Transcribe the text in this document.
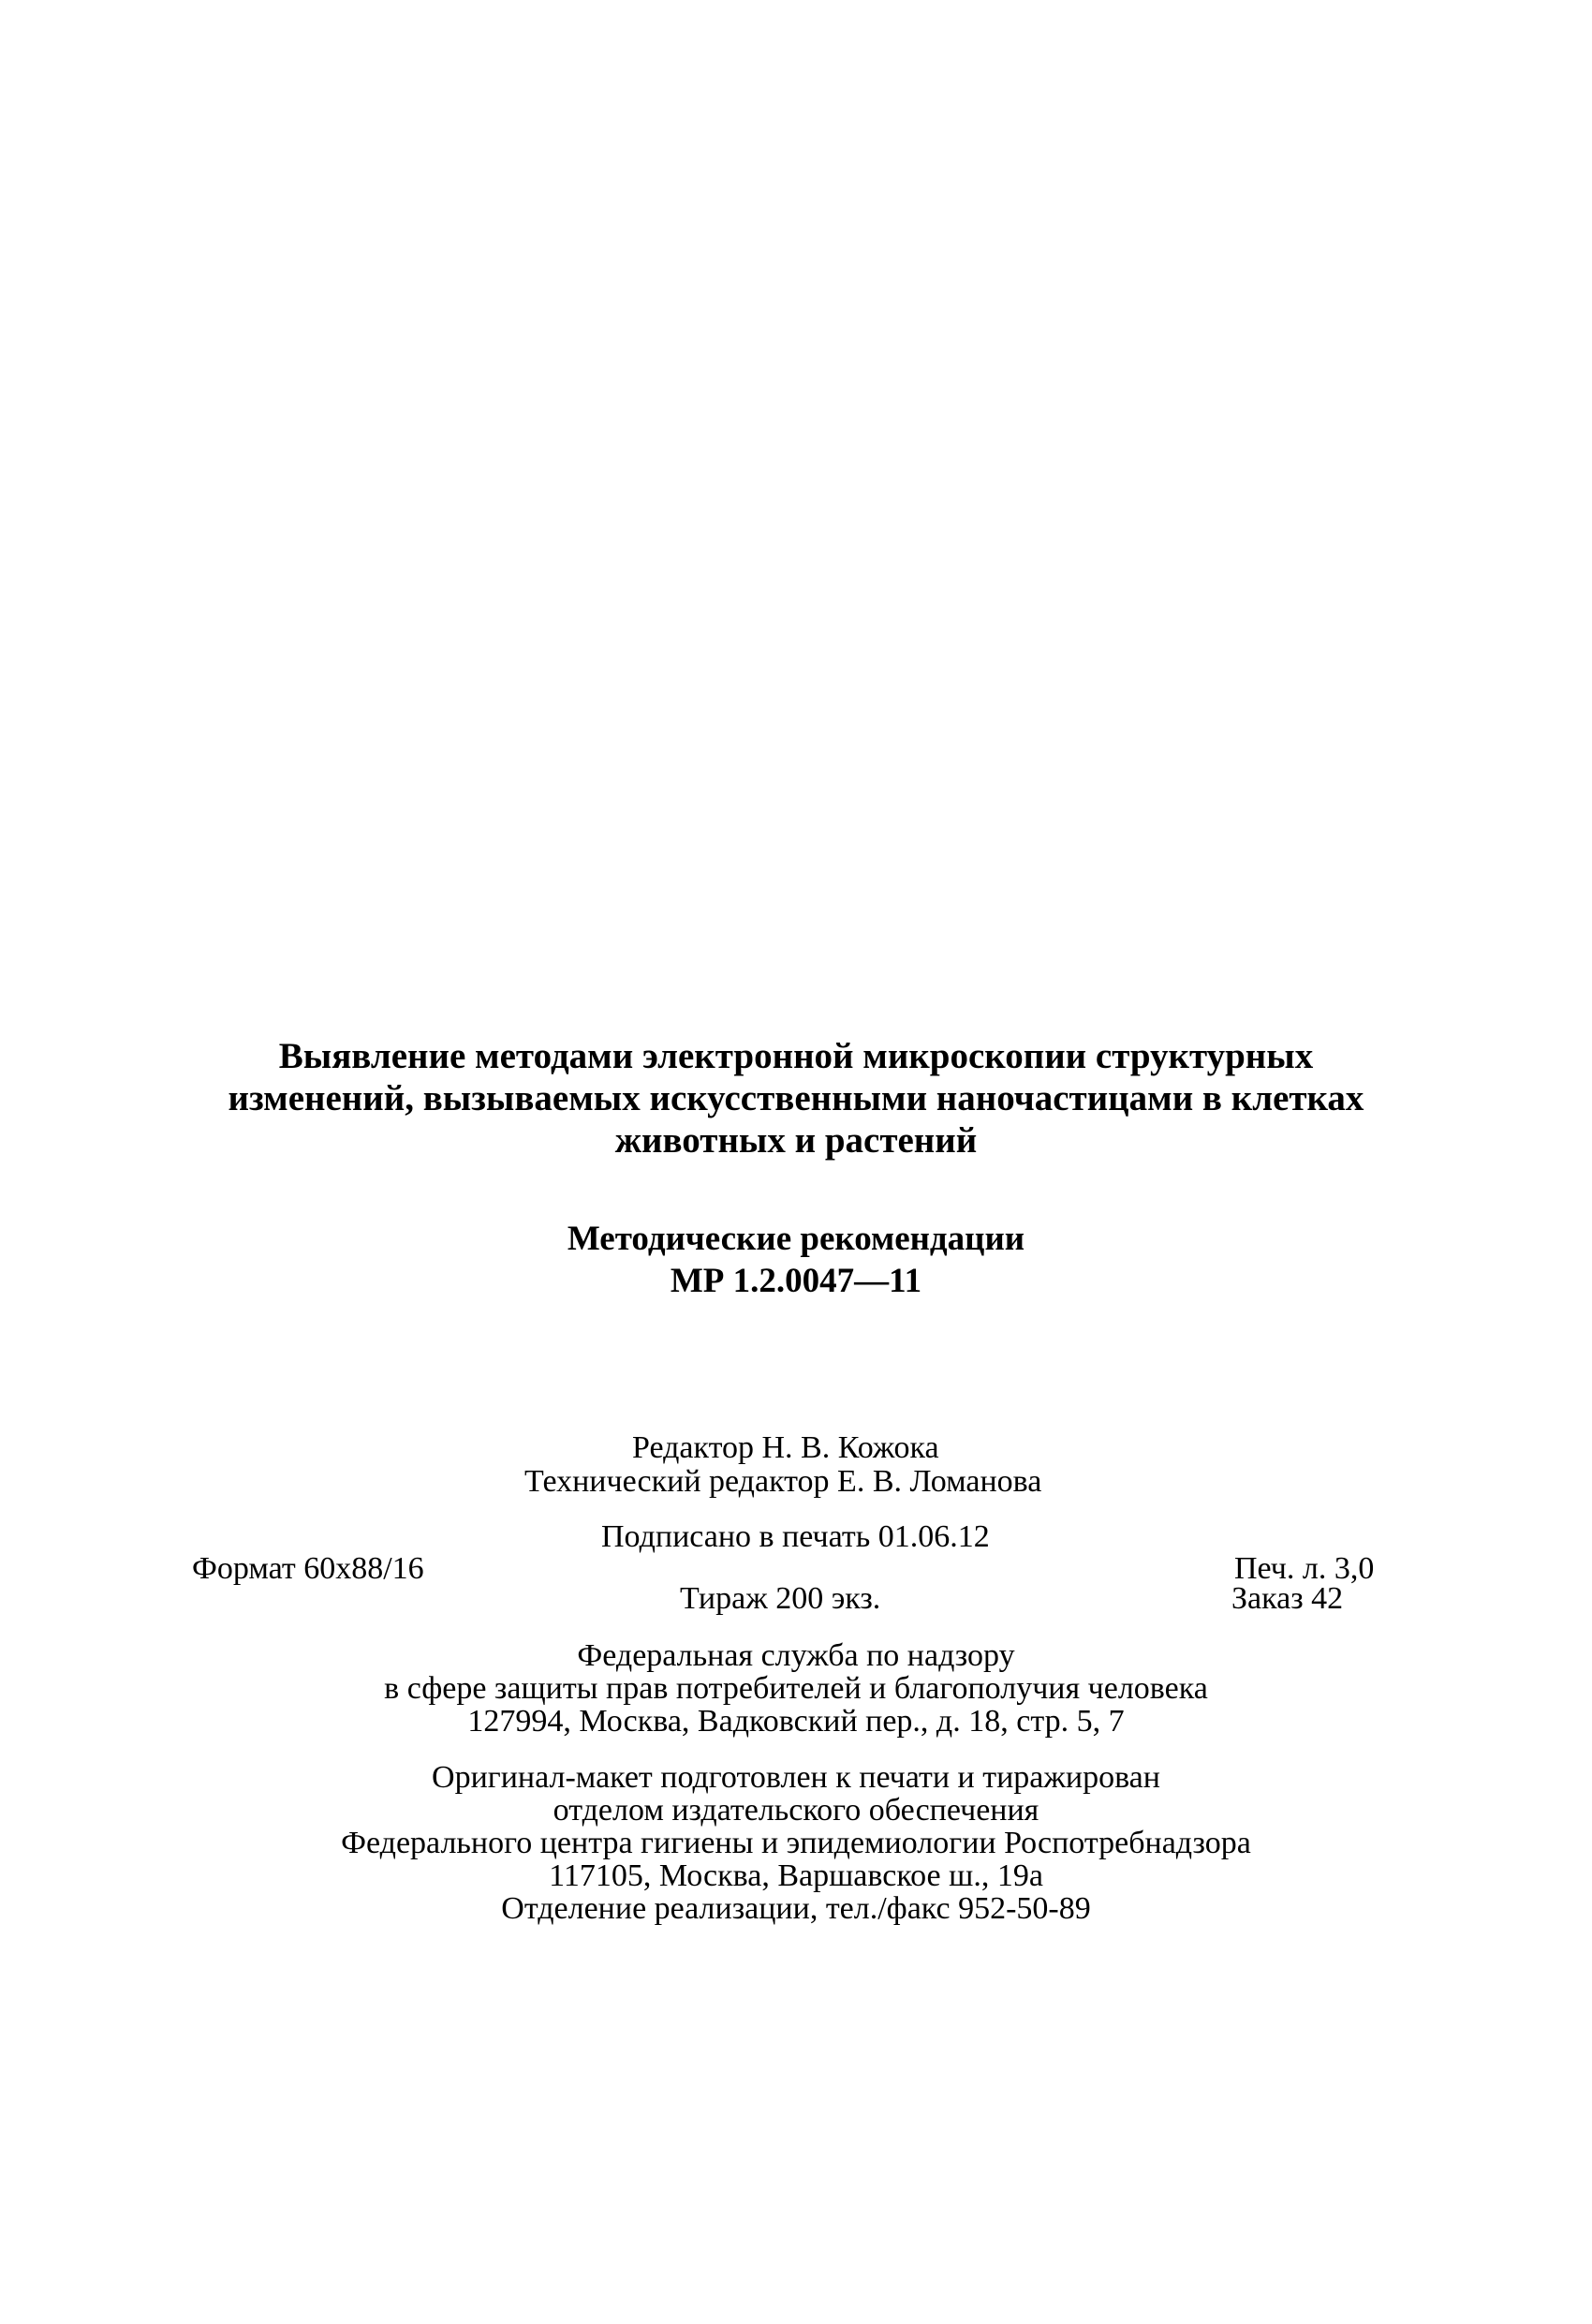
Выявление методами электронной микроскопии структурных
изменений, вызываемых искусственными наночастицами в клетках
животных и растений
Методические рекомендации
МР 1.2.0047—11
Редактор Н. В. Кожока
Технический редактор Е. В. Ломанова
Подписано в печать 01.06.12
Формат 60х88/16	Печ. л. 3,0
Тираж 200 экз.	Заказ 42
Федеральная служба по надзору
в сфере защиты прав потребителей и благополучия человека
127994, Москва, Вадковский пер., д. 18, стр. 5, 7
Оригинал-макет подготовлен к печати и тиражирован
отделом издательского обеспечения
Федерального центра гигиены и эпидемиологии Роспотребнадзора
117105, Москва, Варшавское ш., 19а
Отделение реализации, тел./факс 952-50-89
